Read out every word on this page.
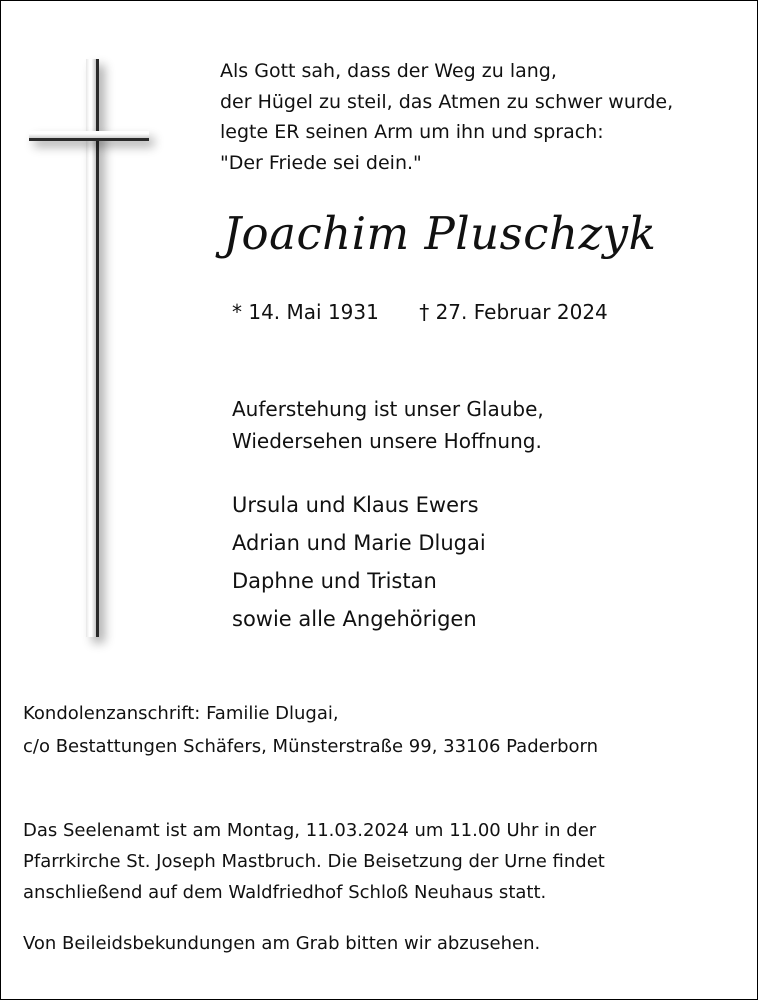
Als Gott sah, dass der Weg zu lang,
der Hügel zu steil, das Atmen zu schwer wurde,
legte ER seinen Arm um ihn und sprach:
"Der Friede sei dein."
Joachim Pluschzyk
* 14. Mai 1931 † 27. Februar 2024
Auferstehung ist unser Glaube,
Wiedersehen unsere Hoffnung.
Ursula und Klaus Ewers
Adrian und Marie Dlugai
Daphne und Tristan
sowie alle Angehörigen
Kondolenzanschrift: Familie Dlugai,
c/o Bestattungen Schäfers, Münsterstraße 99, 33106 Paderborn
Das Seelenamt ist am Montag, 11.03.2024 um 11.00 Uhr in der
Pfarrkirche St. Joseph Mastbruch. Die Beisetzung der Urne findet
anschließend auf dem Waldfriedhof Schloß Neuhaus statt.

Von Beileidsbekundungen am Grab bitten wir abzusehen.
